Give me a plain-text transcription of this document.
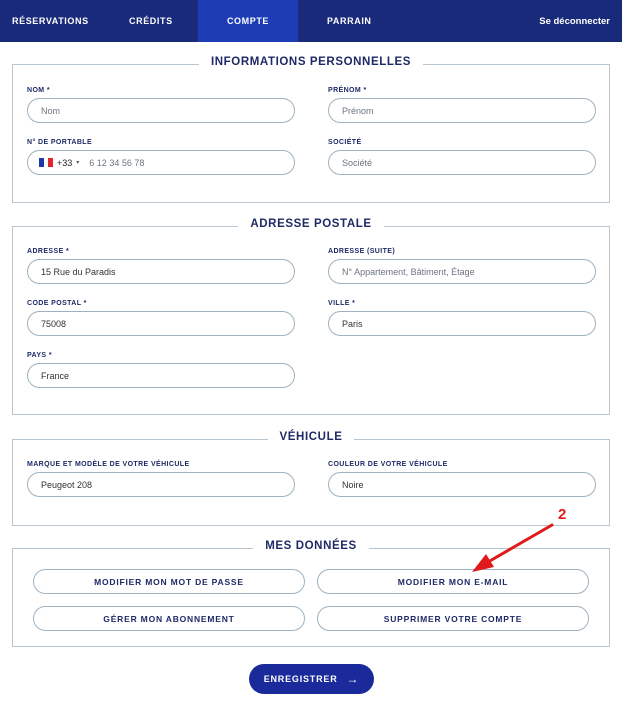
RÉSERVATIONS	CRÉDITS	COMPTE	PARRAIN	Se déconnecter
INFORMATIONS PERSONNELLES
NOM *
Nom
PRÉNOM *
Prénom
N° DE PORTABLE
+33 ▾ 6 12 34 56 78
SOCIÉTÉ
Société
ADRESSE POSTALE
ADRESSE *
15 Rue du Paradis
ADRESSE (SUITE)
N° Appartement, Bâtiment, Étage
CODE POSTAL *
75008
VILLE *
Paris
PAYS *
France
VÉHICULE
MARQUE ET MODÈLE DE VOTRE VÉHICULE
Peugeot 208
COULEUR DE VOTRE VÉHICULE
Noire
MES DONNÉES
MODIFIER MON MOT DE PASSE	MODIFIER MON E-MAIL
GÉRER MON ABONNEMENT	SUPPRIMER VOTRE COMPTE
ENREGISTRER →
2
